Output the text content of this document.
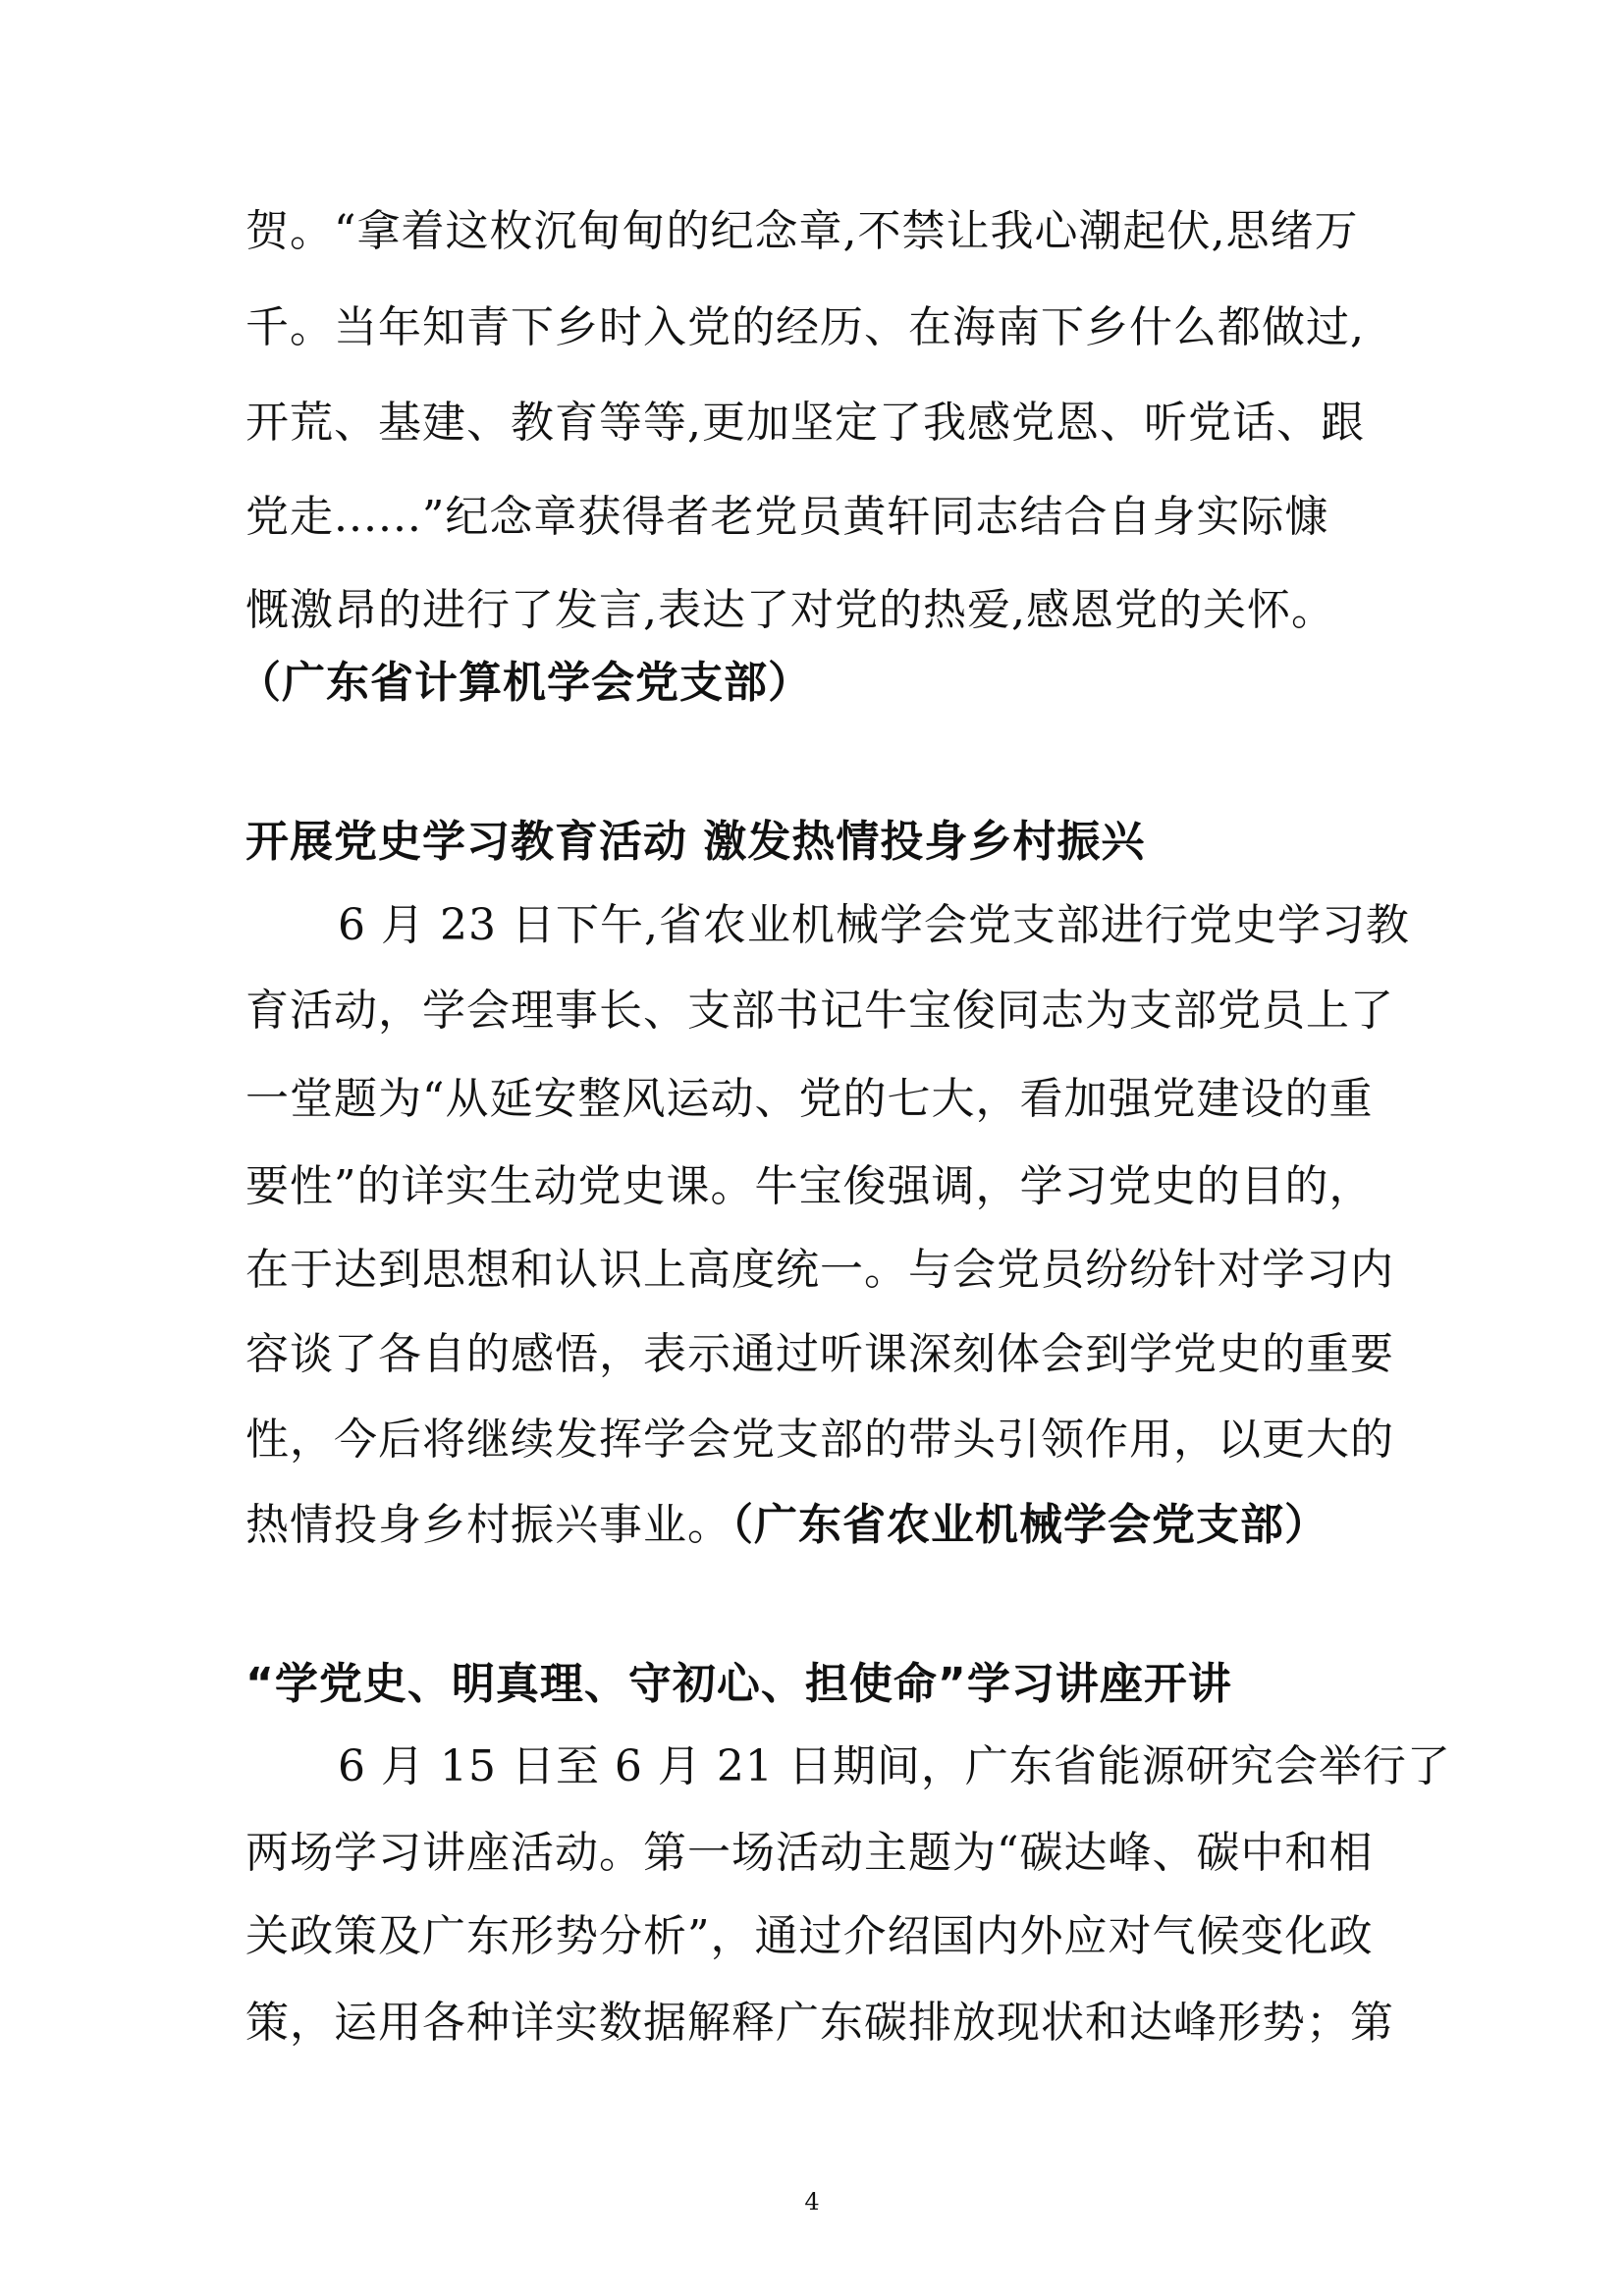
贺。“拿着这枚沉甸甸的纪念章,不禁让我心潮起伏,思绪万
千。当年知青下乡时入党的经历、在海南下乡什么都做过,
开荒、基建、教育等等,更加坚定了我感党恩、听党话、跟
党走......”纪念章获得者老党员黄轩同志结合自身实际慷
慨激昂的进行了发言,表达了对党的热爱,感恩党的关怀。
（广东省计算机学会党支部）
开展党史学习教育活动 激发热情投身乡村振兴
6 月 23 日下午,省农业机械学会党支部进行党史学习教
育活动，学会理事长、支部书记牛宝俊同志为支部党员上了
一堂题为“从延安整风运动、党的七大，看加强党建设的重
要性”的详实生动党史课。牛宝俊强调，学习党史的目的，
在于达到思想和认识上高度统一。与会党员纷纷针对学习内
容谈了各自的感悟，表示通过听课深刻体会到学党史的重要
性，今后将继续发挥学会党支部的带头引领作用，以更大的
热情投身乡村振兴事业。（广东省农业机械学会党支部）
“学党史、明真理、守初心、担使命”学习讲座开讲
6 月 15 日至 6 月 21 日期间，广东省能源研究会举行了
两场学习讲座活动。第一场活动主题为“碳达峰、碳中和相
关政策及广东形势分析”，通过介绍国内外应对气候变化政
策，运用各种详实数据解释广东碳排放现状和达峰形势；第
4
